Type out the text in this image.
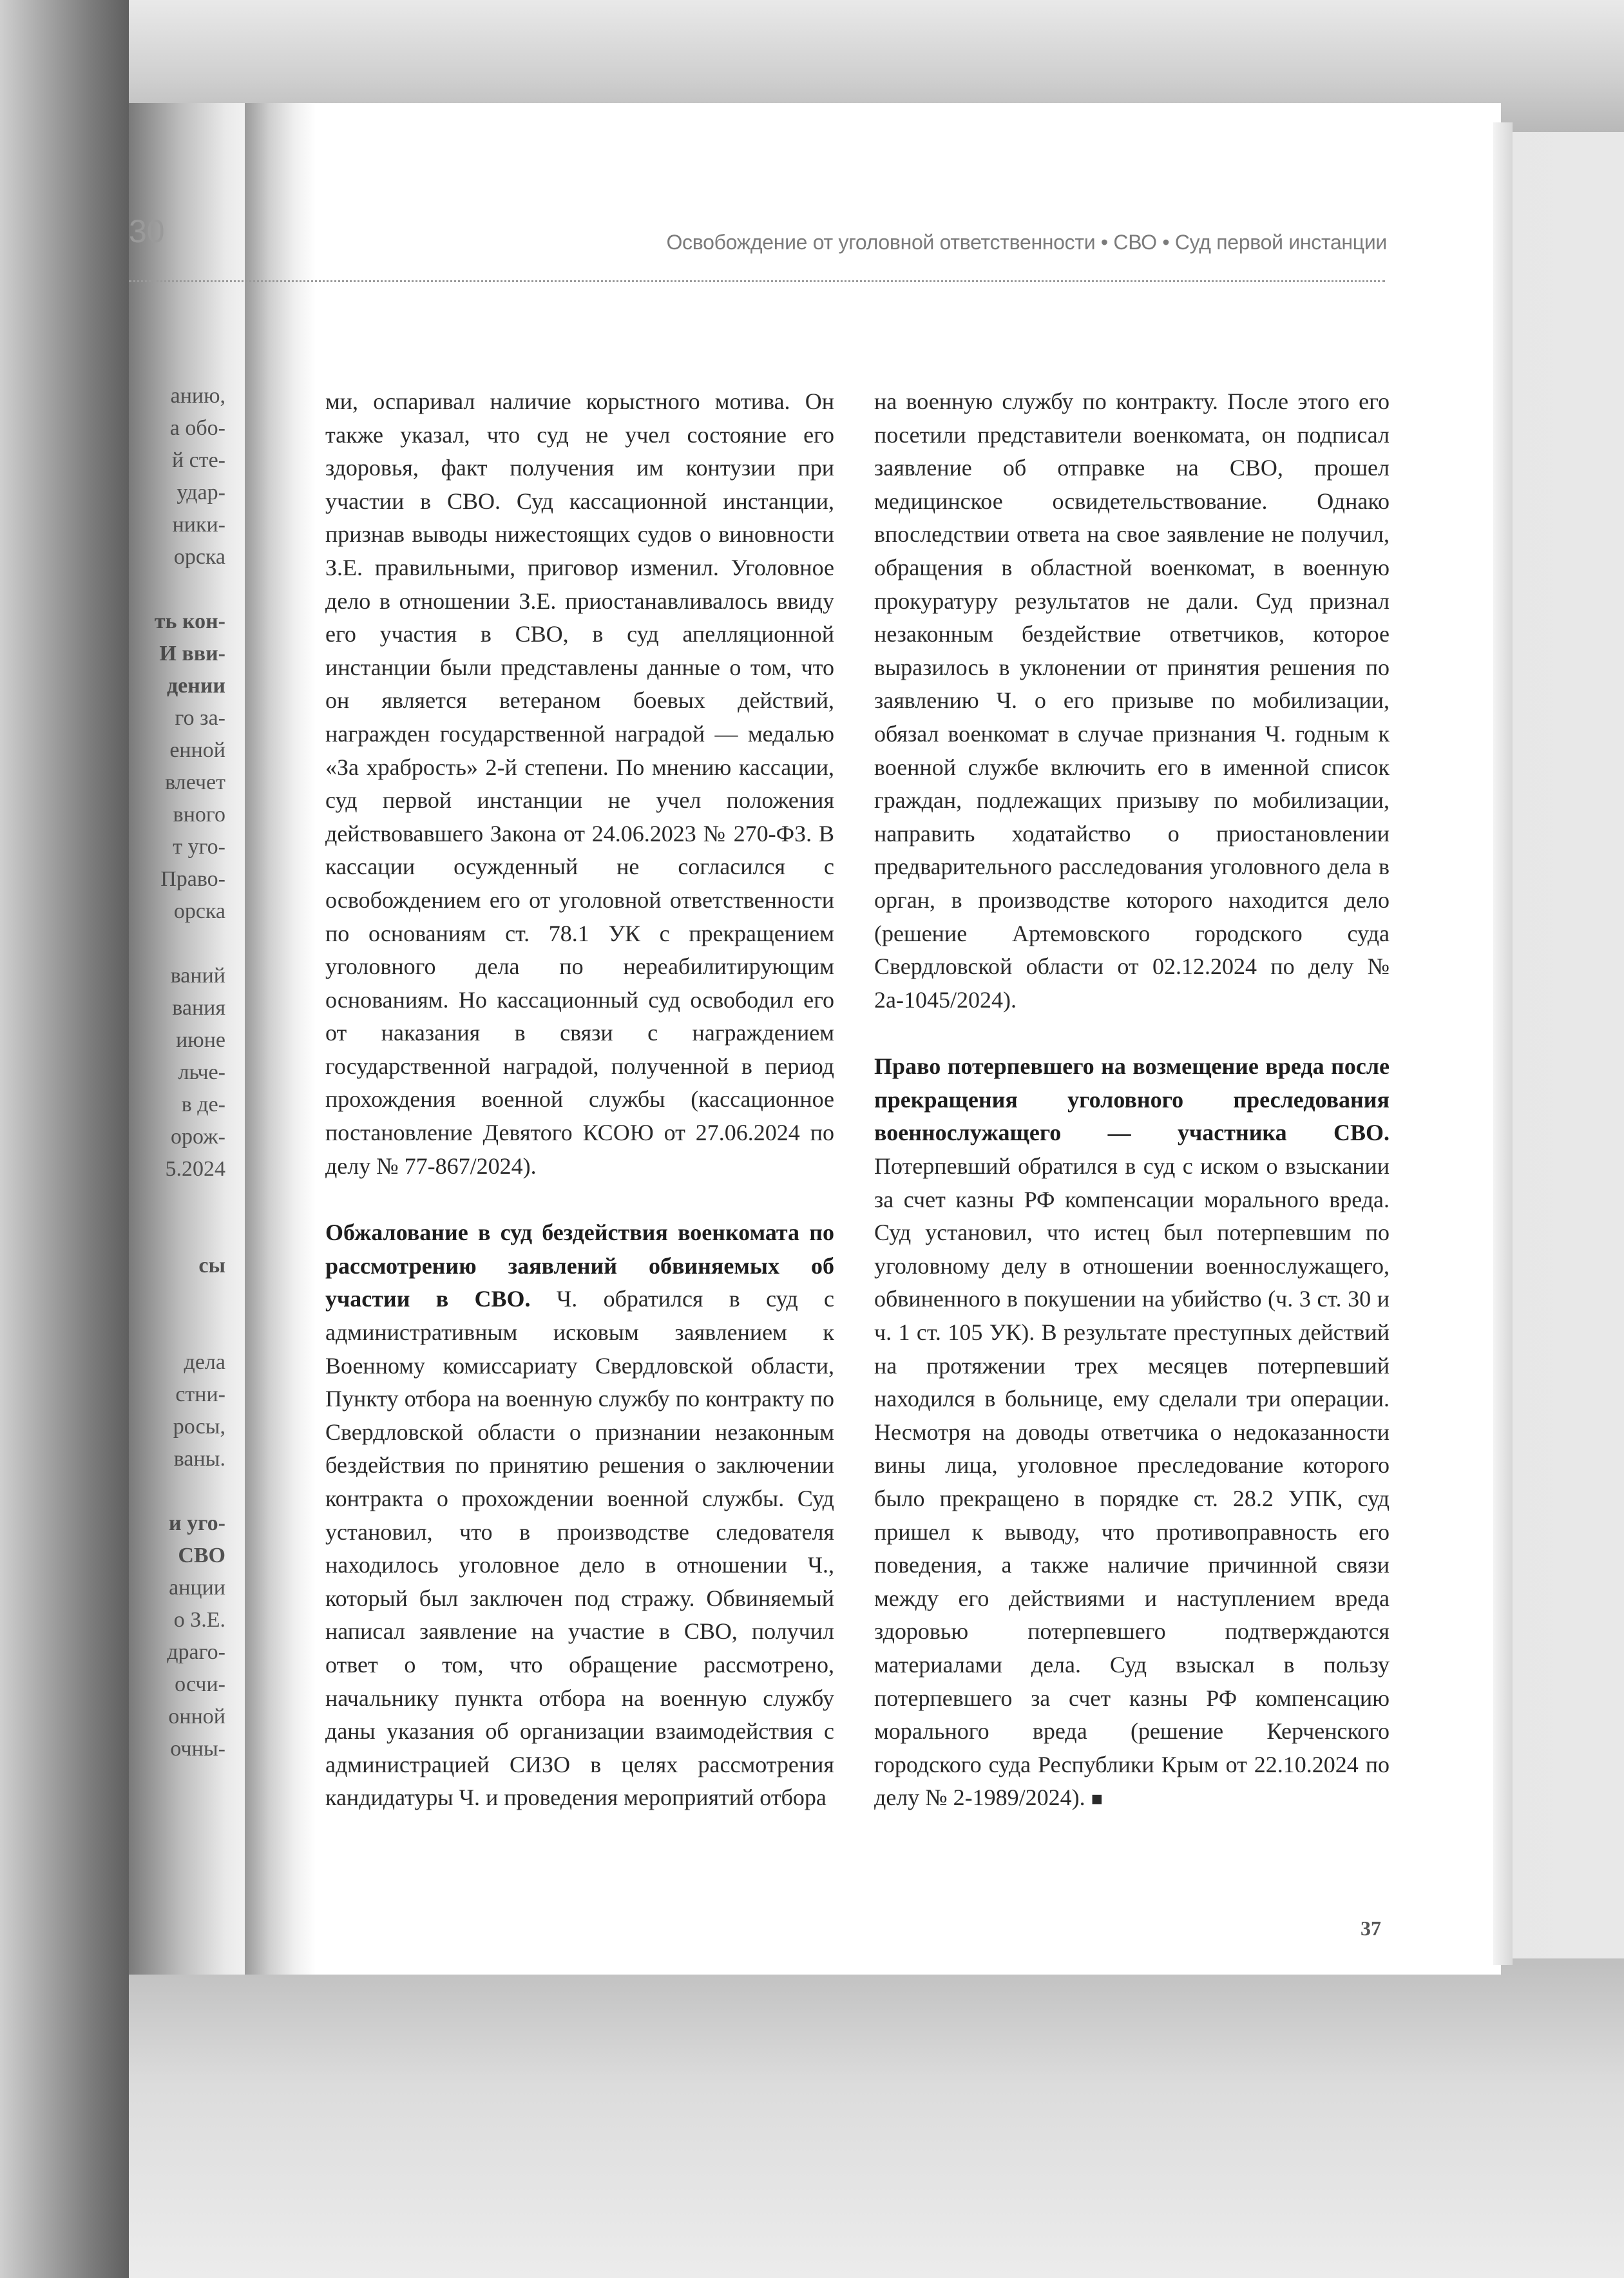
30	Освобождение от уголовной ответственности • СВО • Суд первой инстанции
анию,
а обо-
й сте-
удар-
ники-
орска
ть кон-
И вви-
дении
го за-
енной
влечет
вного
т уго-
Право-
орска
ваний
вания
июне
льче-
в де-
орож-
5.2024
сы
дела
стни-
росы,
ваны.
и уго-
СВО
анции
о З.Е.
драго-
осчи-
онной
очны-

ми, оспаривал наличие корыстного мотива. Он также указал, что суд не учел состояние его здоровья, факт получения им контузии при участии в СВО. Суд кассационной инстанции, признав выводы нижестоящих судов о виновности З.Е. правильными, приговор изменил. Уголовное дело в отношении З.Е. приостанавливалось ввиду его участия в СВО, в суд апелляционной инстанции были представлены данные о том, что он является ветераном боевых действий, награжден государственной наградой — медалью «За храбрость» 2-й степени. По мнению кассации, суд первой инстанции не учел положения действовавшего Закона от 24.06.2023 № 270-ФЗ. В кассации осужденный не согласился с освобождением его от уголовной ответственности по основаниям ст. 78.1 УК с прекращением уголовного дела по нереабилитирующим основаниям. Но кассационный суд освободил его от наказания в связи с награждением государственной наградой, полученной в период прохождения военной службы (кассационное постановление Девятого КСОЮ от 27.06.2024 по делу № 77-867/2024).

Обжалование в суд бездействия военкомата по рассмотрению заявлений обвиняемых об участии в СВО. Ч. обратился в суд с административным исковым заявлением к Военному комиссариату Свердловской области, Пункту отбора на военную службу по контракту по Свердловской области о признании незаконным бездействия по принятию решения о заключении контракта о прохождении военной службы. Суд установил, что в производстве следователя находилось уголовное дело в отношении Ч., который был заключен под стражу. Обвиняемый написал заявление на участие в СВО, получил ответ о том, что обращение рассмотрено, начальнику пункта отбора на военную службу даны указания об организации взаимодействия с администрацией СИЗО в целях рассмотрения кандидатуры Ч. и проведения мероприятий отбора

на военную службу по контракту. После этого его посетили представители военкомата, он подписал заявление об отправке на СВО, прошел медицинское освидетельствование. Однако впоследствии ответа на свое заявление не получил, обращения в областной военкомат, в военную прокуратуру результатов не дали. Суд признал незаконным бездействие ответчиков, которое выразилось в уклонении от принятия решения по заявлению Ч. о его призыве по мобилизации, обязал военкомат в случае признания Ч. годным к военной службе включить его в именной список граждан, подлежащих призыву по мобилизации, направить ходатайство о приостановлении предварительного расследования уголовного дела в орган, в производстве которого находится дело (решение Артемовского городского суда Свердловской области от 02.12.2024 по делу № 2а-1045/2024).

Право потерпевшего на возмещение вреда после прекращения уголовного преследования военнослужащего — участника СВО. Потерпевший обратился в суд с иском о взыскании за счет казны РФ компенсации морального вреда. Суд установил, что истец был потерпевшим по уголовному делу в отношении военнослужащего, обвиненного в покушении на убийство (ч. 3 ст. 30 и ч. 1 ст. 105 УК). В результате преступных действий на протяжении трех месяцев потерпевший находился в больнице, ему сделали три операции. Несмотря на доводы ответчика о недоказанности вины лица, уголовное преследование которого было прекращено в порядке ст. 28.2 УПК, суд пришел к выводу, что противоправность его поведения, а также наличие причинной связи между его действиями и наступлением вреда здоровью потерпевшего подтверждаются материалами дела. Суд взыскал в пользу потерпевшего за счет казны РФ компенсацию морального вреда (решение Керченского городского суда Республики Крым от 22.10.2024 по делу № 2-1989/2024). ■

37
